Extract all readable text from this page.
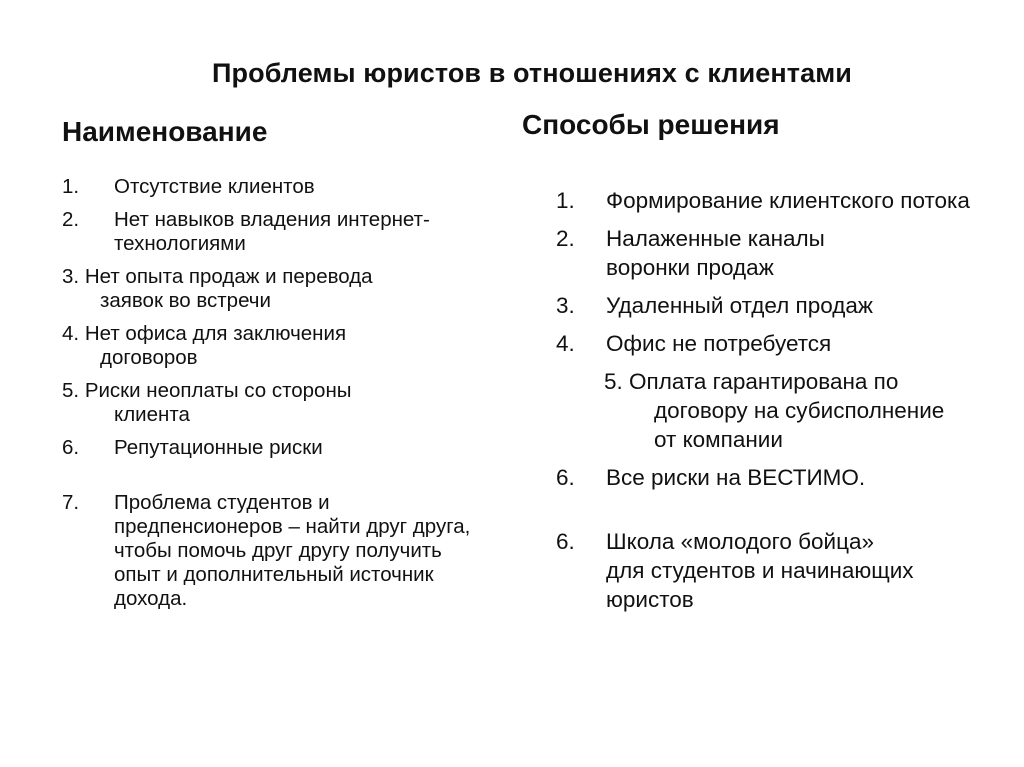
Проблемы юристов в отношениях с клиентами
Наименование	Способы решения
1. Отсутствие клиентов
2. Нет навыков владения интернет-технологиями
3. Нет опыта продаж и перевода
заявок во встречи
4. Нет офиса для заключения
договоров
5. Риски неоплаты со стороны
клиента
6. Репутационные риски
7. Проблема студентов и предпенсионеров – найти друг друга, чтобы помочь друг другу получить опыт и дополнительный источник дохода.
1. Формирование клиентского потока
2. Налаженные каналы воронки продаж
3. Удаленный отдел продаж
4. Офис не потребуется
5. Оплата гарантирована по
договору на субисполнение от компании
6. Все риски на ВЕСТИМО.
6. Школа «молодого бойца» для студентов и начинающих юристов
